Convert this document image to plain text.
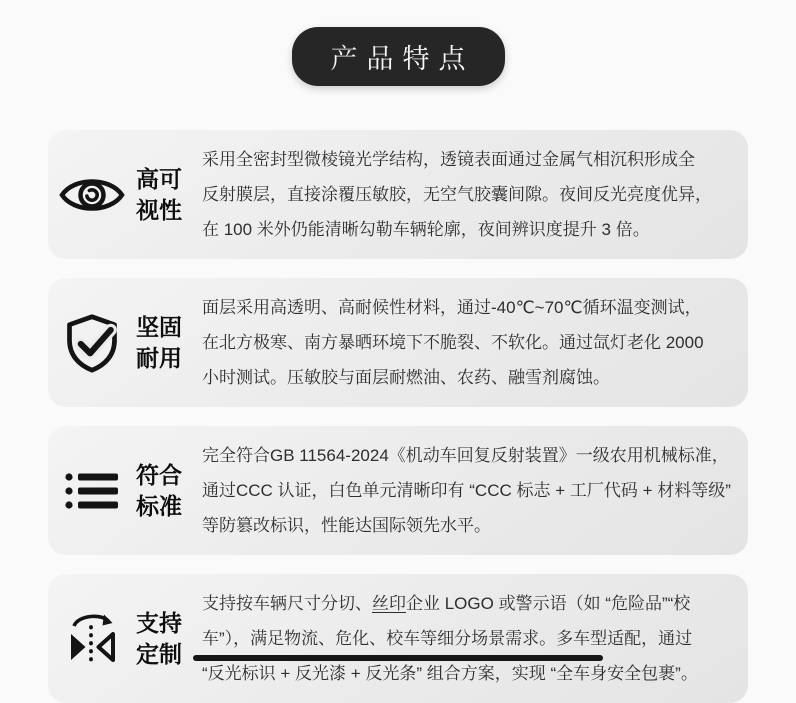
产品特点
高可
视性
采用全密封型微棱镜光学结构，透镜表面通过金属气相沉积形成全
反射膜层，直接涂覆压敏胶，无空气胶囊间隙。夜间反光亮度优异，
在 100 米外仍能清晰勾勒车辆轮廓，夜间辨识度提升 3 倍。
坚固
耐用
面层采用高透明、高耐候性材料，通过-40℃~70℃循环温变测试，
在北方极寒、南方暴晒环境下不脆裂、不软化。通过氙灯老化 2000
小时测试。压敏胶与面层耐燃油、农药、融雪剂腐蚀。
符合
标准
完全符合GB 11564-2024《机动车回复反射装置》一级农用机械标准，
通过CCC 认证，白色单元清晰印有 “CCC 标志 + 工厂代码 + 材料等级”
等防篡改标识，性能达国际领先水平。
支持
定制
支持按车辆尺寸分切、丝印企业 LOGO 或警示语（如 “危险品”“校
车”），满足物流、危化、校车等细分场景需求。多车型适配，通过
“反光标识 + 反光漆 + 反光条” 组合方案，实现 “全车身安全包裹”。
